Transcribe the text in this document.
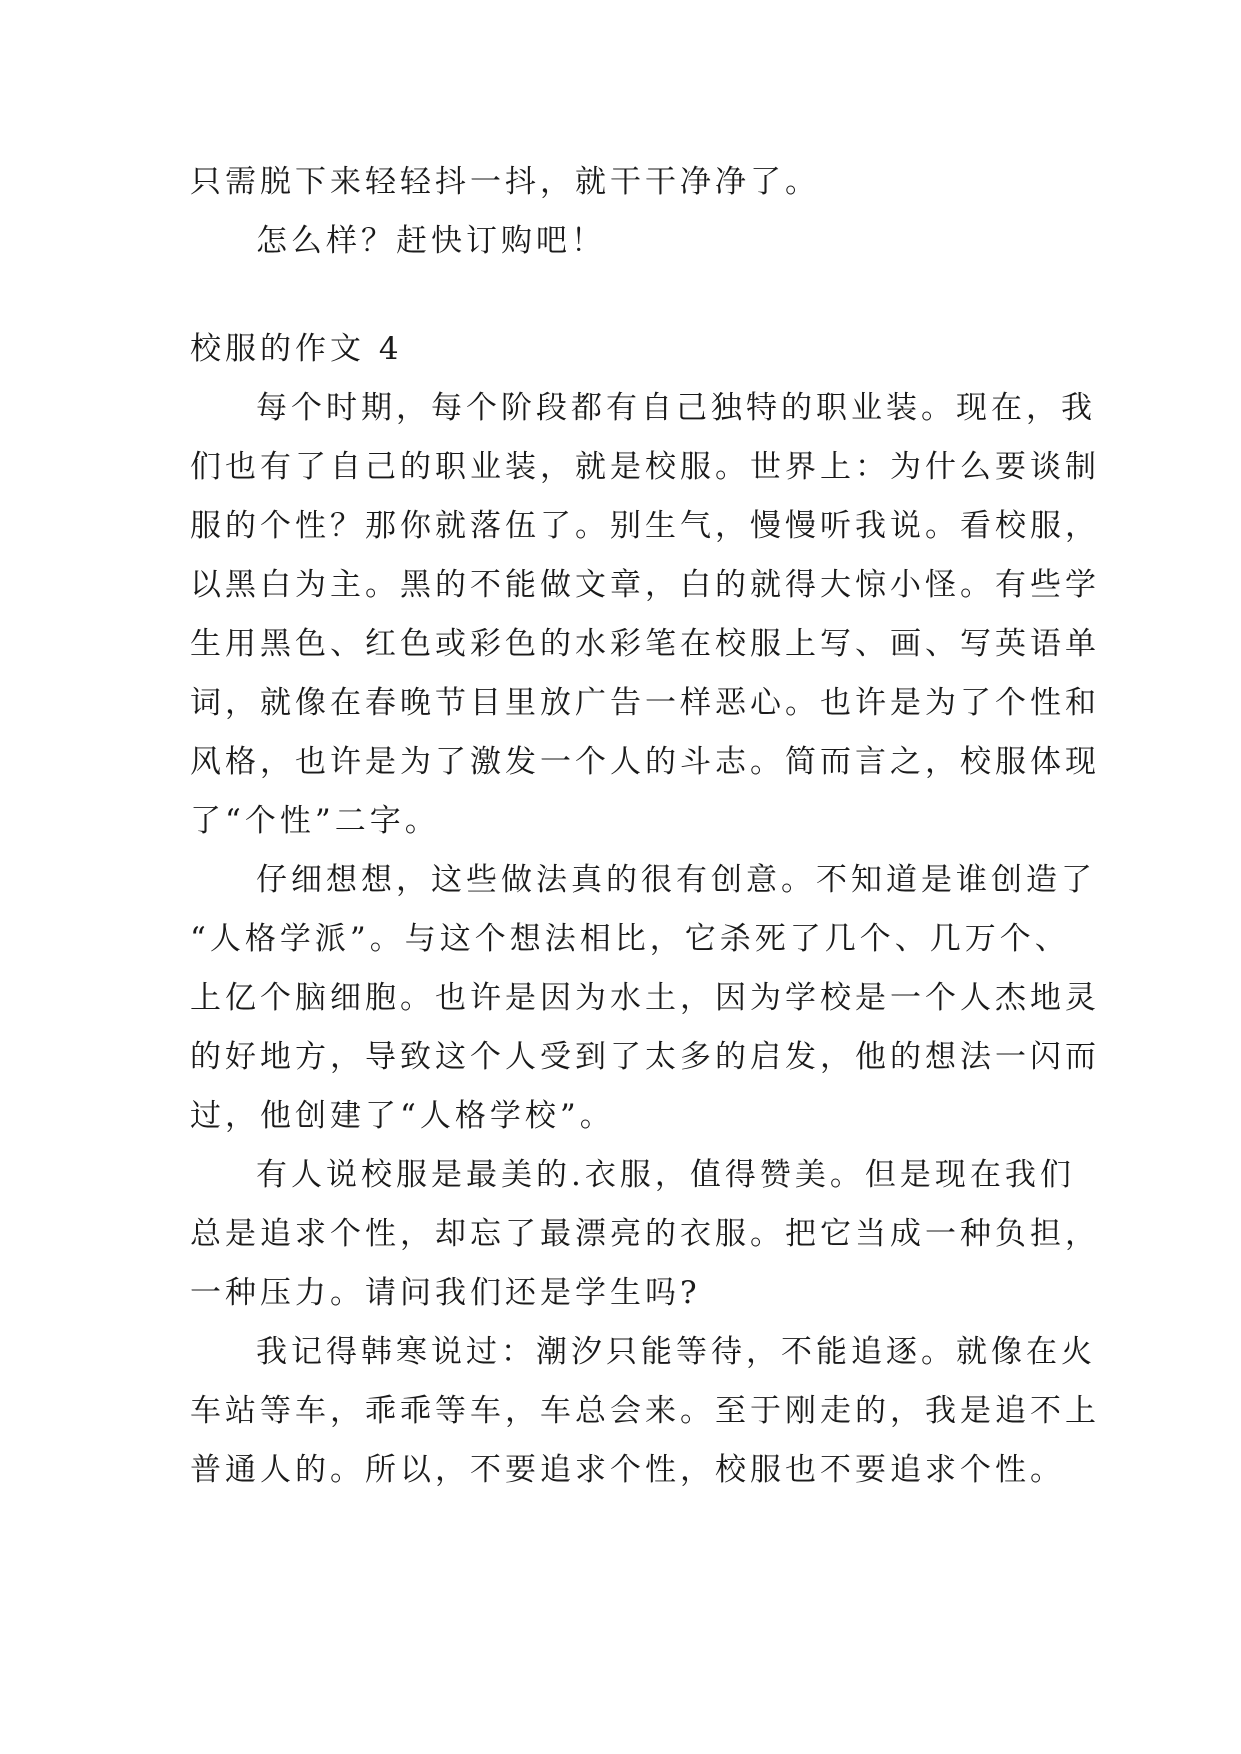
只需脱下来轻轻抖一抖，就干干净净了。
怎么样？赶快订购吧！
校服的作文 4
每个时期，每个阶段都有自己独特的职业装。现在，我
们也有了自己的职业装，就是校服。世界上：为什么要谈制
服的个性？那你就落伍了。别生气，慢慢听我说。看校服，
以黑白为主。黑的不能做文章，白的就得大惊小怪。有些学
生用黑色、红色或彩色的水彩笔在校服上写、画、写英语单
词，就像在春晚节目里放广告一样恶心。也许是为了个性和
风格，也许是为了激发一个人的斗志。简而言之，校服体现
了“个性”二字。
仔细想想，这些做法真的很有创意。不知道是谁创造了
“人格学派”。与这个想法相比，它杀死了几个、几万个、
上亿个脑细胞。也许是因为水土，因为学校是一个人杰地灵
的好地方，导致这个人受到了太多的启发，他的想法一闪而
过，他创建了“人格学校”。
有人说校服是最美的.衣服，值得赞美。但是现在我们
总是追求个性，却忘了最漂亮的衣服。把它当成一种负担，
一种压力。请问我们还是学生吗?
我记得韩寒说过：潮汐只能等待，不能追逐。就像在火
车站等车，乖乖等车，车总会来。至于刚走的，我是追不上
普通人的。所以，不要追求个性，校服也不要追求个性。
